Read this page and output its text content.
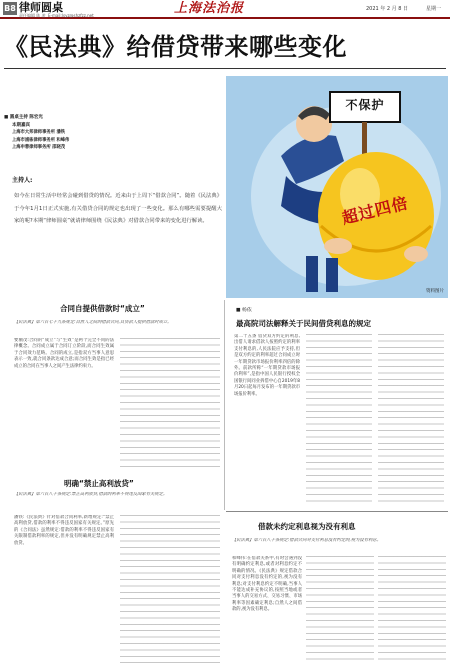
B8 律师圆桌
责任编辑 陈 凌 E-mail:lsyz@shzfzz.net	上海法治报	2021 年 2 月 8 日	星期一
《民法典》给借贷带来哪些变化
■ 圆桌主持 陈宏光
本期嘉宾
上海市大邦律师事务所 潘铁
上海市浦栋律师事务所 和峰伟
上海申蓉律师事务所 邵晓茂
主持人:
如今在日常生活中经常会碰到借贷的情况。近来由于上周下“借款合同”。随着《民法典》于今年1月1日正式实施,有关借贷合同的规定也出现了一些变化。那么有哪些需要提醒大家的呢?本期“律师圆桌”就请律师围绕《民法典》对借款合同带来的变化进行解读。
不保护
超过四倍
资料图片
合同自提供借款时“成立”
【民法典】第六百七十九条规定:自然人之间的借款合同,自贷款人提供借款时成立。
要潮茂:合同的“成立”与“生效”是两个完全不同的法律概念。合同成立属于合同订立阶段,而合同生效属于合同效力范畴。合同的成立,是指双方当事人意思表示一致,就合同条款达成合意;而合同生效是指已经成立的合同在当事人之间产生法律约束力。
明确“禁止高利放贷”
【民法典】第六百八十条规定:禁止高利放贷,借款的利率不得违反国家有关规定。
潘铁:《民法典》针对借款合同利率,新增规定:“禁止高利放贷,借款的利率不得违反国家有关规定。”原先的《合同法》虽然规定:借款的利率不得违反国家有关限制借款利率的规定,但并没有明确规定禁止高利放贷。
■ 杨依
最高院司法解释关于民间借贷利息的规定
第二十五条 借贷双方约定的利息,出借人请求借款人按照约定的利率支付利息的,人民法院应予支持,但是双方约定的利率超过合同成立时一年期贷款市场报价利率四倍的除外。前款所称“一年期贷款市场报价利率”,是指中国人民银行授权全国银行间同业拆借中心自2019年8月20日起每月发布的一年期贷款市场报价利率。
借款未约定利息视为没有利息
【民法典】第六百八十条规定:借款合同对支付利息没有约定的,视为没有利息。
和峰伟:在借款关系中,有时会遇到没有明确约定利息,或者对利息约定不明确的情况。《民法典》规定借款合同对支付利息没有约定的,视为没有利息;对支付利息约定不明确,当事人不能达成补充协议的,按照当地或者当事人的交易方式、交易习惯、市场利率等因素确定利息;自然人之间借款的,视为没有利息。
